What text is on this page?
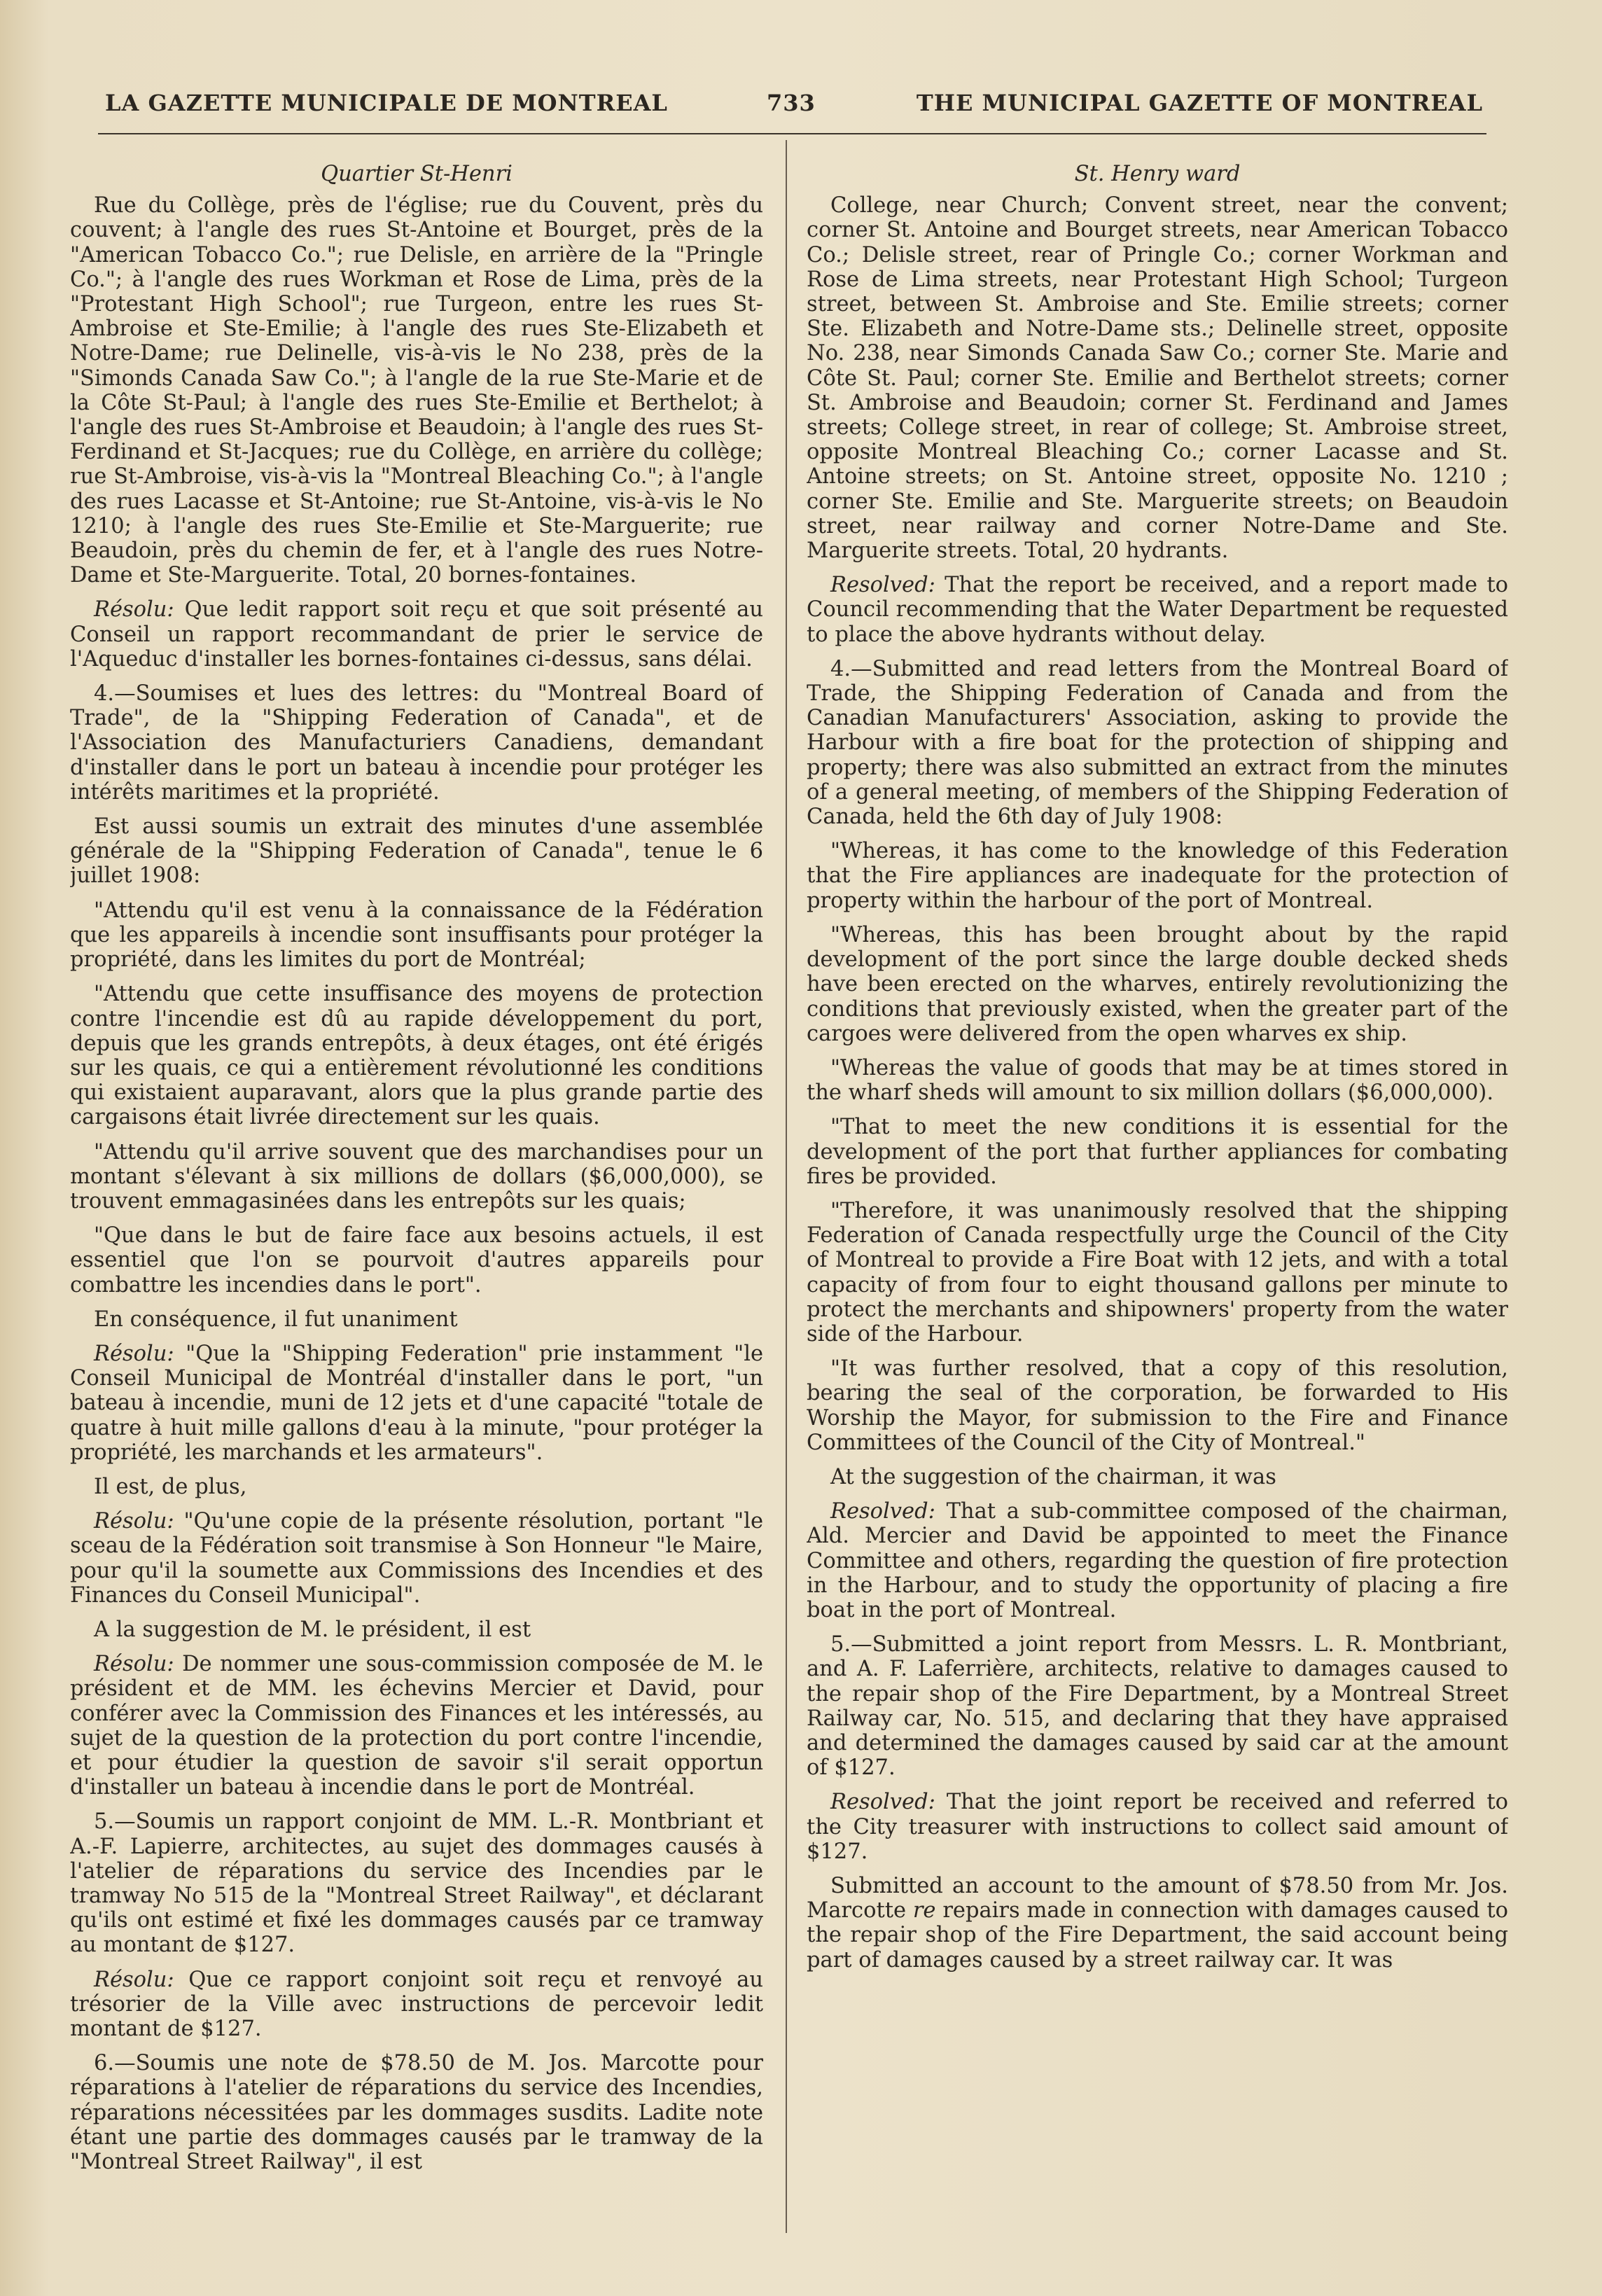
LA GAZETTE MUNICIPALE DE MONTREAL	733	THE MUNICIPAL GAZETTE OF MONTREAL
Quartier St-Henri

Rue du Collège, près de l'église; rue du Couvent, près du couvent; à l'angle des rues St-Antoine et Bourget, près de la "American Tobacco Co."; rue Delisle, en arrière de la "Pringle Co."; à l'angle des rues Workman et Rose de Lima, près de la "Protestant High School"; rue Turgeon, entre les rues St-Ambroise et Ste-Emilie; à l'angle des rues Ste-Elizabeth et Notre-Dame; rue Delinelle, vis-à-vis le No 238, près de la "Simonds Canada Saw Co."; à l'angle de la rue Ste-Marie et de la Côte St-Paul; à l'angle des rues Ste-Emilie et Berthelot; à l'angle des rues St-Ambroise et Beaudoin; à l'angle des rues St-Ferdinand et St-Jacques; rue du Collège, en arrière du collège; rue St-Ambroise, vis-à-vis la "Montreal Bleaching Co."; à l'angle des rues Lacasse et St-Antoine; rue St-Antoine, vis-à-vis le No 1210; à l'angle des rues Ste-Emilie et Ste-Marguerite; rue Beaudoin, près du chemin de fer, et à l'angle des rues Notre-Dame et Ste-Marguerite. Total, 20 bornes-fontaines.

Résolu: Que ledit rapport soit reçu et que soit présenté au Conseil un rapport recommandant de prier le service de l'Aqueduc d'installer les bornes-fontaines ci-dessus, sans délai.

4.—Soumises et lues des lettres: du "Montreal Board of Trade", de la "Shipping Federation of Canada", et de l'Association des Manufacturiers Canadiens, demandant d'installer dans le port un bateau à incendie pour protéger les intérêts maritimes et la propriété.

Est aussi soumis un extrait des minutes d'une assemblée générale de la "Shipping Federation of Canada", tenue le 6 juillet 1908:

"Attendu qu'il est venu à la connaissance de la Fédération que les appareils à incendie sont insuffisants pour protéger la propriété, dans les limites du port de Montréal;

"Attendu que cette insuffisance des moyens de protection contre l'incendie est dû au rapide développement du port, depuis que les grands entrepôts, à deux étages, ont été érigés sur les quais, ce qui a entièrement révolutionné les conditions qui existaient auparavant, alors que la plus grande partie des cargaisons était livrée directement sur les quais.

"Attendu qu'il arrive souvent que des marchandises pour un montant s'élevant à six millions de dollars ($6,000,000), se trouvent emmagasinées dans les entrepôts sur les quais;

"Que dans le but de faire face aux besoins actuels, il est essentiel que l'on se pourvoit d'autres appareils pour combattre les incendies dans le port".

En conséquence, il fut unaniment

Résolu: "Que la "Shipping Federation" prie instamment "le Conseil Municipal de Montréal d'installer dans le port, "un bateau à incendie, muni de 12 jets et d'une capacité "totale de quatre à huit mille gallons d'eau à la minute, "pour protéger la propriété, les marchands et les armateurs".

Il est, de plus,

Résolu: "Qu'une copie de la présente résolution, portant "le sceau de la Fédération soit transmise à Son Honneur "le Maire, pour qu'il la soumette aux Commissions des Incendies et des Finances du Conseil Municipal".

A la suggestion de M. le président, il est

Résolu: De nommer une sous-commission composée de M. le président et de MM. les échevins Mercier et David, pour conférer avec la Commission des Finances et les intéressés, au sujet de la question de la protection du port contre l'incendie, et pour étudier la question de savoir s'il serait opportun d'installer un bateau à incendie dans le port de Montréal.

5.—Soumis un rapport conjoint de MM. L.-R. Montbriant et A.-F. Lapierre, architectes, au sujet des dommages causés à l'atelier de réparations du service des Incendies par le tramway No 515 de la "Montreal Street Railway", et déclarant qu'ils ont estimé et fixé les dommages causés par ce tramway au montant de $127.

Résolu: Que ce rapport conjoint soit reçu et renvoyé au trésorier de la Ville avec instructions de percevoir ledit montant de $127.

6.—Soumis une note de $78.50 de M. Jos. Marcotte pour réparations à l'atelier de réparations du service des Incendies, réparations nécessitées par les dommages susdits. Ladite note étant une partie des dommages causés par le tramway de la "Montreal Street Railway", il est

St. Henry ward

College, near Church; Convent street, near the convent; corner St. Antoine and Bourget streets, near American Tobacco Co.; Delisle street, rear of Pringle Co.; corner Workman and Rose de Lima streets, near Protestant High School; Turgeon street, between St. Ambroise and Ste. Emilie streets; corner Ste. Elizabeth and Notre-Dame sts.; Delinelle street, opposite No. 238, near Simonds Canada Saw Co.; corner Ste. Marie and Côte St. Paul; corner Ste. Emilie and Berthelot streets; corner St. Ambroise and Beaudoin; corner St. Ferdinand and James streets; College street, in rear of college; St. Ambroise street, opposite Montreal Bleaching Co.; corner Lacasse and St. Antoine streets; on St. Antoine street, opposite No. 1210 ; corner Ste. Emilie and Ste. Marguerite streets; on Beaudoin street, near railway and corner Notre-Dame and Ste. Marguerite streets. Total, 20 hydrants.

Resolved: That the report be received, and a report made to Council recommending that the Water Department be requested to place the above hydrants without delay.

4.—Submitted and read letters from the Montreal Board of Trade, the Shipping Federation of Canada and from the Canadian Manufacturers' Association, asking to provide the Harbour with a fire boat for the protection of shipping and property; there was also submitted an extract from the minutes of a general meeting, of members of the Shipping Federation of Canada, held the 6th day of July 1908:

"Whereas, it has come to the knowledge of this Federation that the Fire appliances are inadequate for the protection of property within the harbour of the port of Montreal.

"Whereas, this has been brought about by the rapid development of the port since the large double decked sheds have been erected on the wharves, entirely revolutionizing the conditions that previously existed, when the greater part of the cargoes were delivered from the open wharves ex ship.

"Whereas the value of goods that may be at times stored in the wharf sheds will amount to six million dollars ($6,000,000).

"That to meet the new conditions it is essential for the development of the port that further appliances for combating fires be provided.

"Therefore, it was unanimously resolved that the shipping Federation of Canada respectfully urge the Council of the City of Montreal to provide a Fire Boat with 12 jets, and with a total capacity of from four to eight thousand gallons per minute to protect the merchants and shipowners' property from the water side of the Harbour.

"It was further resolved, that a copy of this resolution, bearing the seal of the corporation, be forwarded to His Worship the Mayor, for submission to the Fire and Finance Committees of the Council of the City of Montreal."

At the suggestion of the chairman, it was

Resolved: That a sub-committee composed of the chairman, Ald. Mercier and David be appointed to meet the Finance Committee and others, regarding the question of fire protection in the Harbour, and to study the opportunity of placing a fire boat in the port of Montreal.

5.—Submitted a joint report from Messrs. L. R. Montbriant, and A. F. Laferrière, architects, relative to damages caused to the repair shop of the Fire Department, by a Montreal Street Railway car, No. 515, and declaring that they have appraised and determined the damages caused by said car at the amount of $127.

Resolved: That the joint report be received and referred to the City treasurer with instructions to collect said amount of $127.

Submitted an account to the amount of $78.50 from Mr. Jos. Marcotte re repairs made in connection with damages caused to the repair shop of the Fire Department, the said account being part of damages caused by a street railway car. It was
